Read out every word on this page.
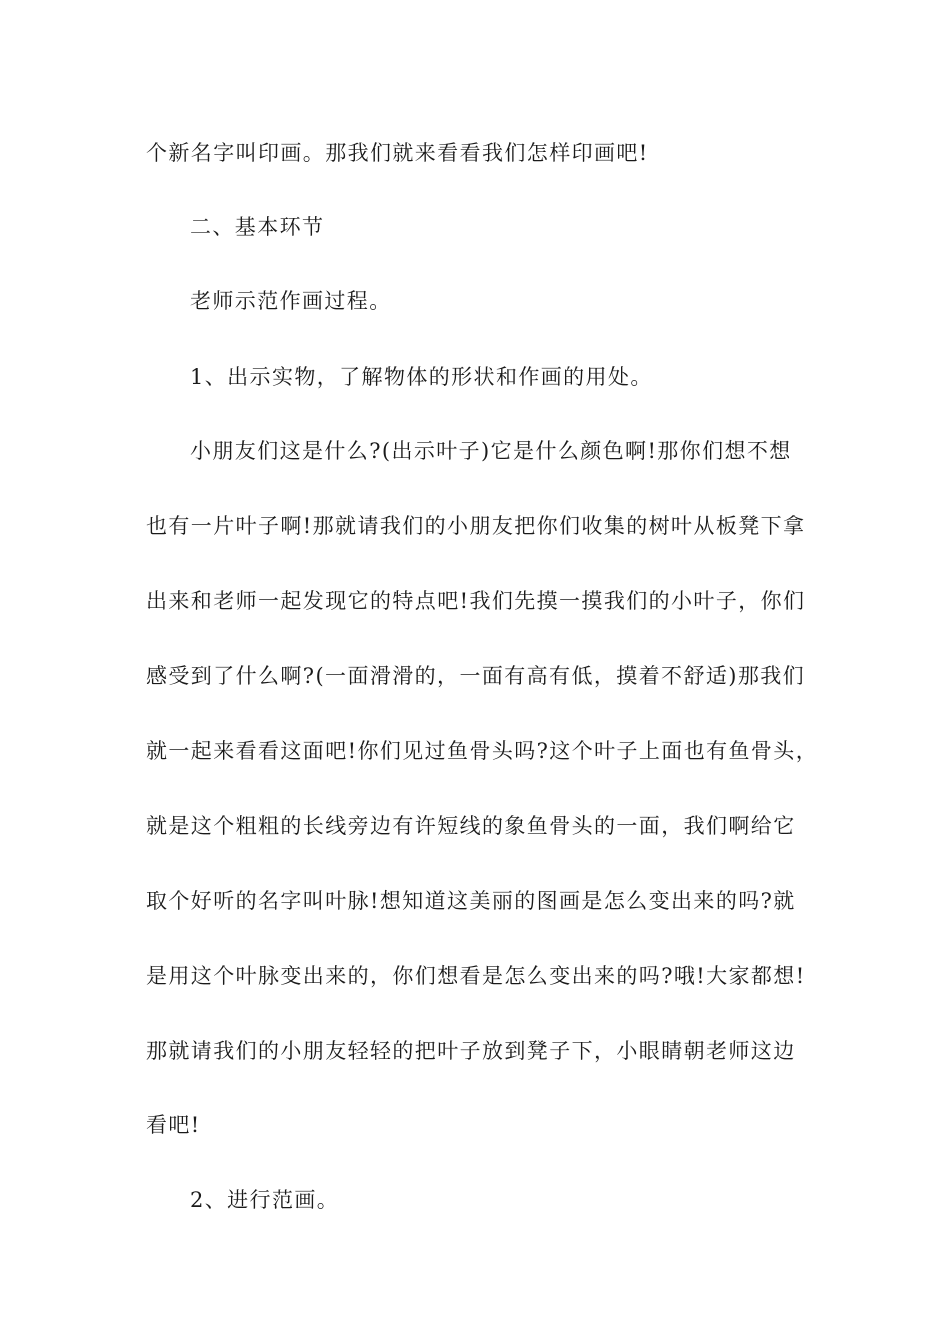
个新名字叫印画。那我们就来看看我们怎样印画吧!
二、基本环节
老师示范作画过程。
1、出示实物，了解物体的形状和作画的用处。
小朋友们这是什么?(出示叶子)它是什么颜色啊!那你们想不想
也有一片叶子啊!那就请我们的小朋友把你们收集的树叶从板凳下拿
出来和老师一起发现它的特点吧!我们先摸一摸我们的小叶子，你们
感受到了什么啊?(一面滑滑的，一面有高有低，摸着不舒适)那我们
就一起来看看这面吧!你们见过鱼骨头吗?这个叶子上面也有鱼骨头，
就是这个粗粗的长线旁边有许短线的象鱼骨头的一面，我们啊给它
取个好听的名字叫叶脉!想知道这美丽的图画是怎么变出来的吗?就
是用这个叶脉变出来的，你们想看是怎么变出来的吗?哦!大家都想!
那就请我们的小朋友轻轻的把叶子放到凳子下，小眼睛朝老师这边
看吧!
2、进行范画。
